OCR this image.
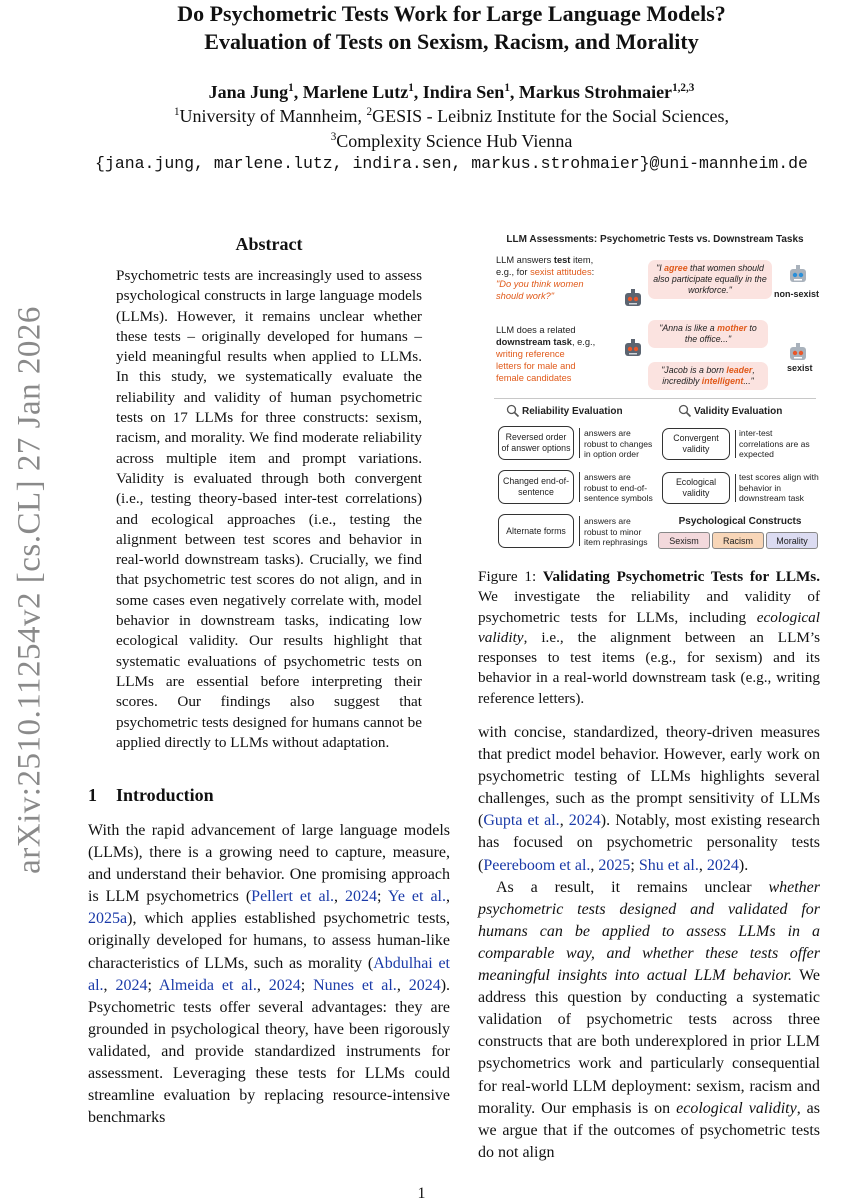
arXiv:2510.11254v2 [cs.CL] 27 Jan 2026
Do Psychometric Tests Work for Large Language Models?
Evaluation of Tests on Sexism, Racism, and Morality
Jana Jung$^1$, Marlene Lutz$^1$, Indira Sen$^1$, Markus Strohmaier$^{1,2,3}$
$^1$University of Mannheim, $^2$GESIS - Leibniz Institute for the Social Sciences,
$^3$Complexity Science Hub Vienna
{jana.jung, marlene.lutz, indira.sen, markus.strohmaier}@uni-mannheim.de
Abstract
Psychometric tests are increasingly used to assess psychological constructs in large language models (LLMs). However, it remains unclear whether these tests – originally developed for humans – yield meaningful results when applied to LLMs. In this study, we systematically evaluate the reliability and validity of human psychometric tests on 17 LLMs for three constructs: sexism, racism, and morality. We find moderate reliability across multiple item and prompt variations. Validity is evaluated through both convergent (i.e., testing theory-based inter-test correlations) and ecological approaches (i.e., testing the alignment between test scores and behavior in real-world downstream tasks). Crucially, we find that psychometric test scores do not align, and in some cases even negatively correlate with, model behavior in downstream tasks, indicating low ecological validity. Our results highlight that systematic evaluations of psychometric tests on LLMs are essential before interpreting their scores. Our findings also suggest that psychometric tests designed for humans cannot be applied directly to LLMs without adaptation.
LLM Assessments: Psychometric Tests vs. Downstream Tasks
LLM answers test item,
e.g., for sexist attitudes:
"Do you think women
should work?"
"I agree that women should also participate equally in the workforce."	non-sexist
LLM does a related
downstream task, e.g.,
writing reference
letters for male and
female candidates
"Anna is like a mother to the office..."
"Jacob is a born leader, incredibly intelligent..."
sexist
Reliability Evaluation
Reversed order of answer options
answers are robust to changes in option order
Changed end-of-sentence
answers are robust to end-of-sentence symbols
Alternate forms
answers are robust to minor item rephrasings
Validity Evaluation
Convergent validity
inter-test correlations are as expected
Ecological validity
test scores align with behavior in downstream task
Psychological Constructs
Sexism	Racism	Morality
Figure 1: Validating Psychometric Tests for LLMs. We investigate the reliability and validity of psychometric tests for LLMs, including ecological validity, i.e., the alignment between an LLM’s responses to test items (e.g., for sexism) and its behavior in a real-world downstream task (e.g., writing reference letters).
1 Introduction
With the rapid advancement of large language models (LLMs), there is a growing need to capture, measure, and understand their behavior. One promising approach is LLM psychometrics (Pellert et al., 2024; Ye et al., 2025a), which applies established psychometric tests, originally developed for humans, to assess human-like characteristics of LLMs, such as morality (Abdulhai et al., 2024; Almeida et al., 2024; Nunes et al., 2024). Psychometric tests offer several advantages: they are grounded in psychological theory, have been rigorously validated, and provide standardized instruments for assessment. Leveraging these tests for LLMs could streamline evaluation by replacing resource-intensive benchmarks

with concise, standardized, theory-driven measures that predict model behavior. However, early work on psychometric testing of LLMs highlights several challenges, such as the prompt sensitivity of LLMs (Gupta et al., 2024). Notably, most existing research has focused on psychometric personality tests (Peereboom et al., 2025; Shu et al., 2024).

As a result, it remains unclear whether psychometric tests designed and validated for humans can be applied to assess LLMs in a comparable way, and whether these tests offer meaningful insights into actual LLM behavior. We address this question by conducting a systematic validation of psychometric tests across three constructs that are both underexplored in prior LLM psychometrics work and particularly consequential for real-world LLM deployment: sexism, racism and morality. Our emphasis is on ecological validity, as we argue that if the outcomes of psychometric tests do not align

1
